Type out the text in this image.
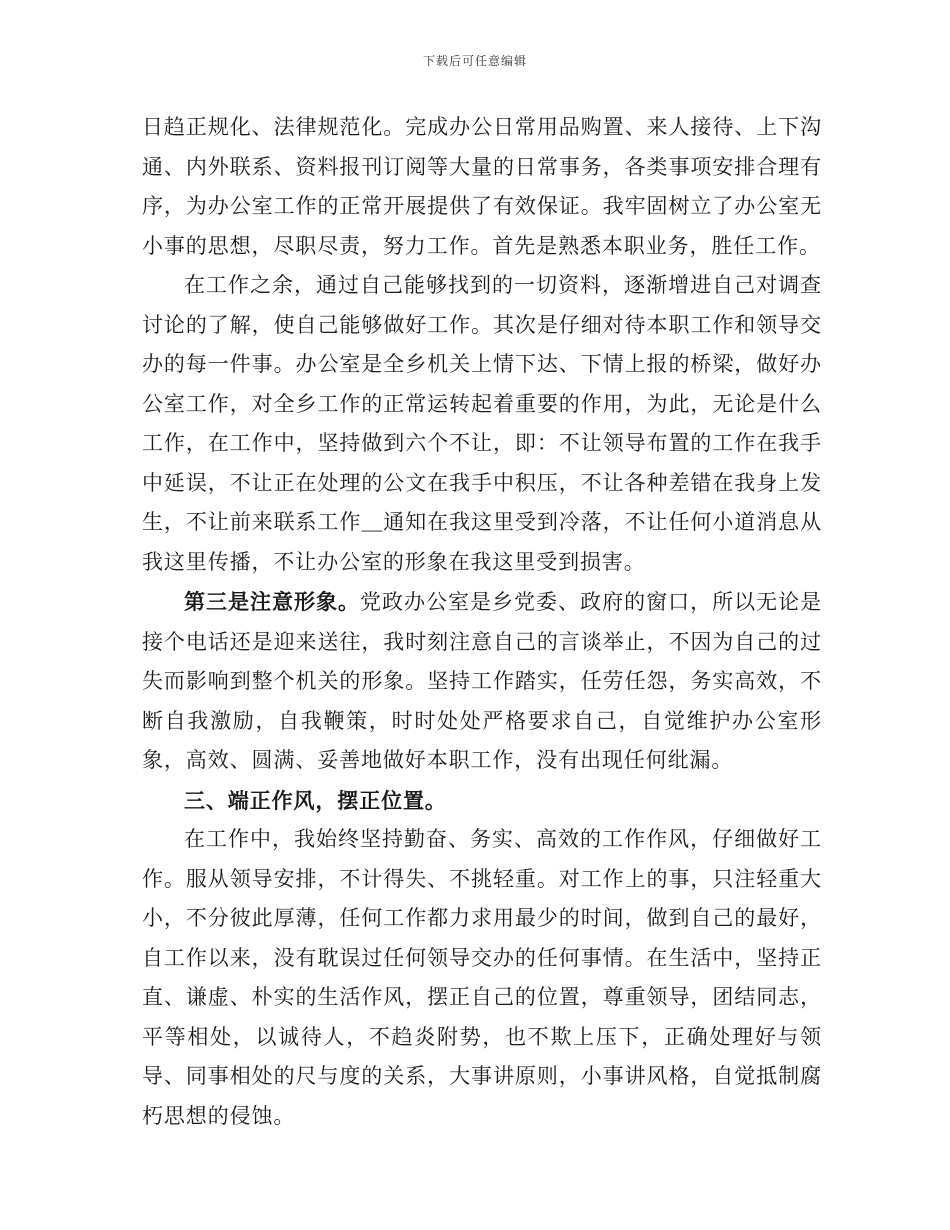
下载后可任意编辑

日趋正规化、法律规范化。完成办公日常用品购置、来人接待、上下沟通、内外联系、资料报刊订阅等大量的日常事务，各类事项安排合理有序，为办公室工作的正常开展提供了有效保证。我牢固树立了办公室无小事的思想，尽职尽责，努力工作。首先是熟悉本职业务，胜任工作。

在工作之余，通过自己能够找到的一切资料，逐渐增进自己对调查讨论的了解，使自己能够做好工作。其次是仔细对待本职工作和领导交办的每一件事。办公室是全乡机关上情下达、下情上报的桥梁，做好办公室工作，对全乡工作的正常运转起着重要的作用，为此，无论是什么工作，在工作中，坚持做到六个不让，即：不让领导布置的工作在我手中延误，不让正在处理的公文在我手中积压，不让各种差错在我身上发生，不让前来联系工作＿通知在我这里受到冷落，不让任何小道消息从我这里传播，不让办公室的形象在我这里受到损害。

第三是注意形象。党政办公室是乡党委、政府的窗口，所以无论是接个电话还是迎来送往，我时刻注意自己的言谈举止，不因为自己的过失而影响到整个机关的形象。坚持工作踏实，任劳任怨，务实高效，不断自我激励，自我鞭策，时时处处严格要求自己，自觉维护办公室形象，高效、圆满、妥善地做好本职工作，没有出现任何纰漏。

三、端正作风，摆正位置。

在工作中，我始终坚持勤奋、务实、高效的工作作风，仔细做好工作。服从领导安排，不计得失、不挑轻重。对工作上的事，只注轻重大小，不分彼此厚薄，任何工作都力求用最少的时间，做到自己的最好，自工作以来，没有耽误过任何领导交办的任何事情。在生活中，坚持正直、谦虚、朴实的生活作风，摆正自己的位置，尊重领导，团结同志，平等相处，以诚待人，不趋炎附势，也不欺上压下，正确处理好与领导、同事相处的尺与度的关系，大事讲原则，小事讲风格，自觉抵制腐朽思想的侵蚀。
